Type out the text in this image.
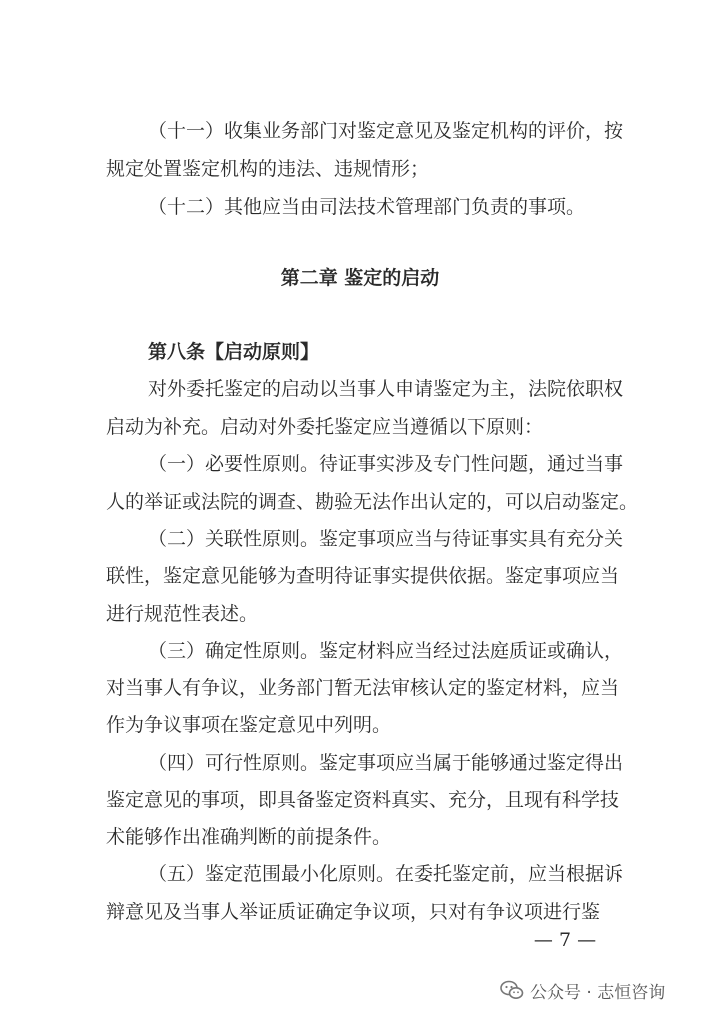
（十一）收集业务部门对鉴定意见及鉴定机构的评价，按
规定处置鉴定机构的违法、违规情形；
（十二）其他应当由司法技术管理部门负责的事项。
第二章 鉴定的启动
第八条【启动原则】
对外委托鉴定的启动以当事人申请鉴定为主，法院依职权
启动为补充。启动对外委托鉴定应当遵循以下原则：
（一）必要性原则。待证事实涉及专门性问题，通过当事
人的举证或法院的调查、勘验无法作出认定的，可以启动鉴定。
（二）关联性原则。鉴定事项应当与待证事实具有充分关
联性，鉴定意见能够为查明待证事实提供依据。鉴定事项应当
进行规范性表述。
（三）确定性原则。鉴定材料应当经过法庭质证或确认，
对当事人有争议，业务部门暂无法审核认定的鉴定材料，应当
作为争议事项在鉴定意见中列明。
（四）可行性原则。鉴定事项应当属于能够通过鉴定得出
鉴定意见的事项，即具备鉴定资料真实、充分，且现有科学技
术能够作出准确判断的前提条件。
（五）鉴定范围最小化原则。在委托鉴定前，应当根据诉
辩意见及当事人举证质证确定争议项，只对有争议项进行鉴
— 7 —
公众号 · 志恒咨询
